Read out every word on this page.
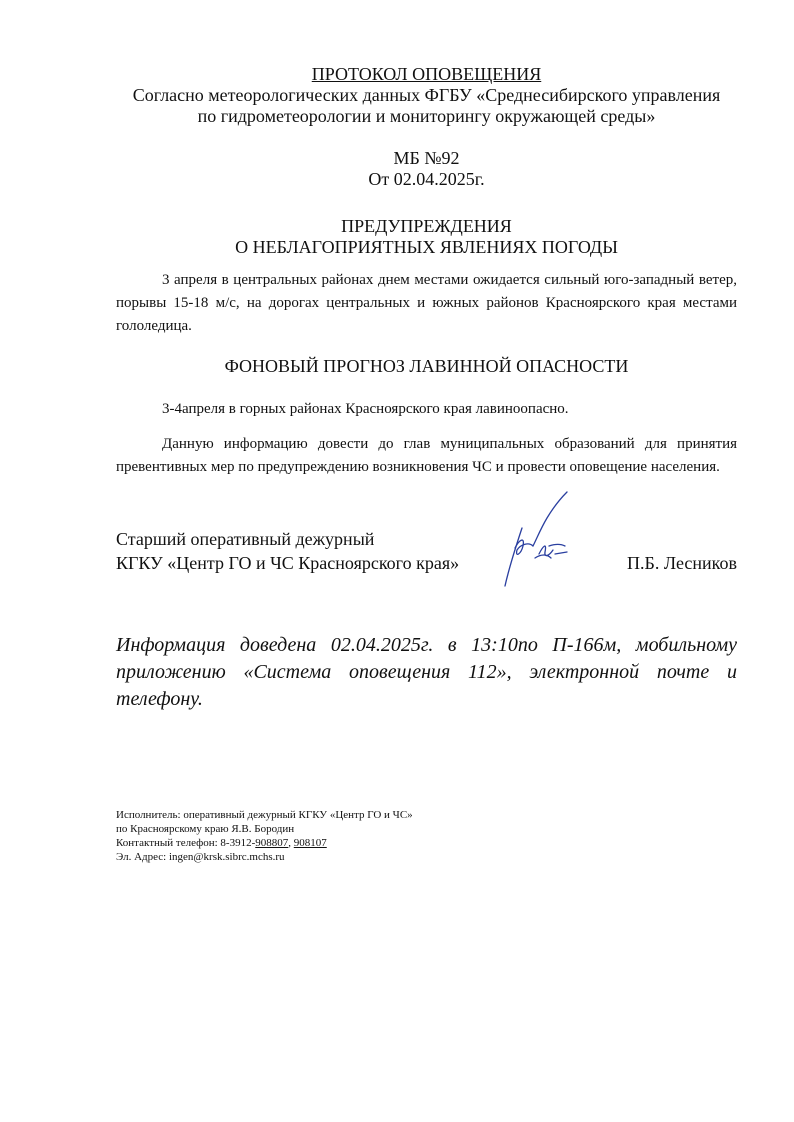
ПРОТОКОЛ ОПОВЕЩЕНИЯ
Согласно метеорологических данных ФГБУ «Среднесибирского управления
по гидрометеорологии и мониторингу окружающей среды»
МБ №92
От 02.04.2025г.
ПРЕДУПРЕЖДЕНИЯ
О НЕБЛАГОПРИЯТНЫХ ЯВЛЕНИЯХ ПОГОДЫ
3 апреля в центральных районах днем местами ожидается сильный юго-западный ветер, порывы 15-18 м/с, на дорогах центральных и южных районов Красноярского края местами гололедица.
ФОНОВЫЙ ПРОГНОЗ ЛАВИННОЙ ОПАСНОСТИ
3-4апреля в горных районах Красноярского края лавиноопасно.
Данную информацию довести до глав муниципальных образований для принятия превентивных мер по предупреждению возникновения ЧС и провести оповещение населения.
Старший оперативный дежурный
КГКУ «Центр ГО и ЧС Красноярского края»	П.Б. Лесников
Информация доведена 02.04.2025г. в 13:10по П-166м, мобильному приложению «Система оповещения 112», электронной почте и телефону.
Исполнитель: оперативный дежурный КГКУ «Центр ГО и ЧС»
по Красноярскому краю Я.В. Бородин
Контактный телефон: 8-3912-908807, 908107
Эл. Адрес: ingen@krsk.sibrc.mchs.ru
